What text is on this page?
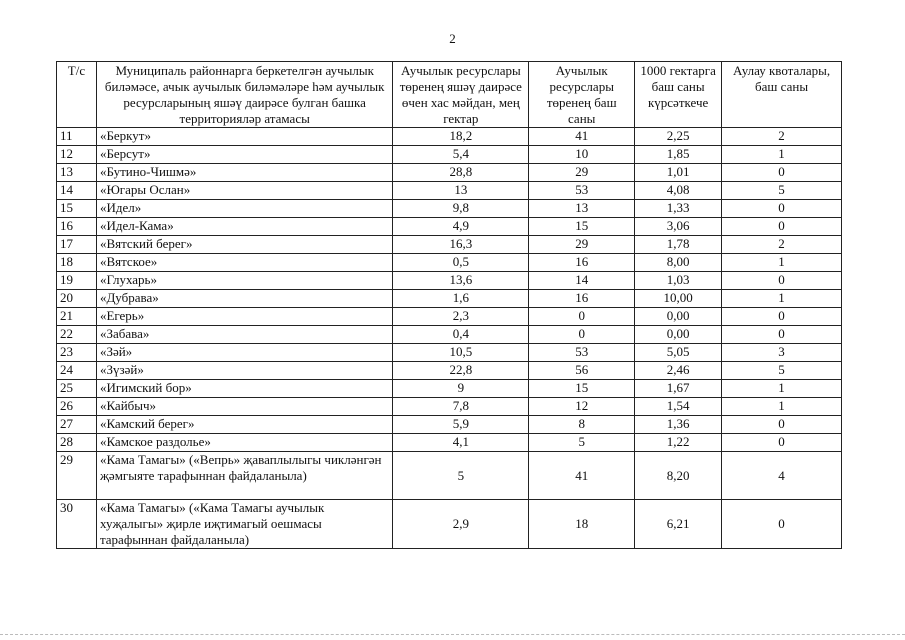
2
Т/с	Муниципаль районнарга беркетелгән аучылык биләмәсе, ачык аучылык биләмәләре һәм аучылык ресурсларының яшәү даирәсе булган башка территорияләр атамасы	Аучылык ресурслары төренең яшәү даирәсе өчен хас мәйдан, мең гектар	Аучылык ресурслары төренең баш саны	1000 гектарга баш саны күрсәткече	Аулау квоталары, баш саны
11	«Беркут»	18,2	41	2,25	2
12	«Берсут»	5,4	10	1,85	1
13	«Бутино-Чишмә»	28,8	29	1,01	0
14	«Югары Ослан»	13	53	4,08	5
15	«Идел»	9,8	13	1,33	0
16	«Идел-Кама»	4,9	15	3,06	0
17	«Вятский берег»	16,3	29	1,78	2
18	«Вятское»	0,5	16	8,00	1
19	«Глухарь»	13,6	14	1,03	0
20	«Дубрава»	1,6	16	10,00	1
21	«Егерь»	2,3	0	0,00	0
22	«Забава»	0,4	0	0,00	0
23	«Зәй»	10,5	53	5,05	3
24	«Зүзәй»	22,8	56	2,46	5
25	«Игимский бор»	9	15	1,67	1
26	«Кайбыч»	7,8	12	1,54	1
27	«Камский берег»	5,9	8	1,36	0
28	«Камское раздолье»	4,1	5	1,22	0
29	«Кама Тамагы» («Вепрь» җаваплылыгы чикләнгән җәмгыяте тарафыннан файдаланыла)	5	41	8,20	4
30	«Кама Тамагы» («Кама Тамагы аучылык хуҗалыгы» җирле иҗтимагый оешмасы тарафыннан файдаланыла)	2,9	18	6,21	0
